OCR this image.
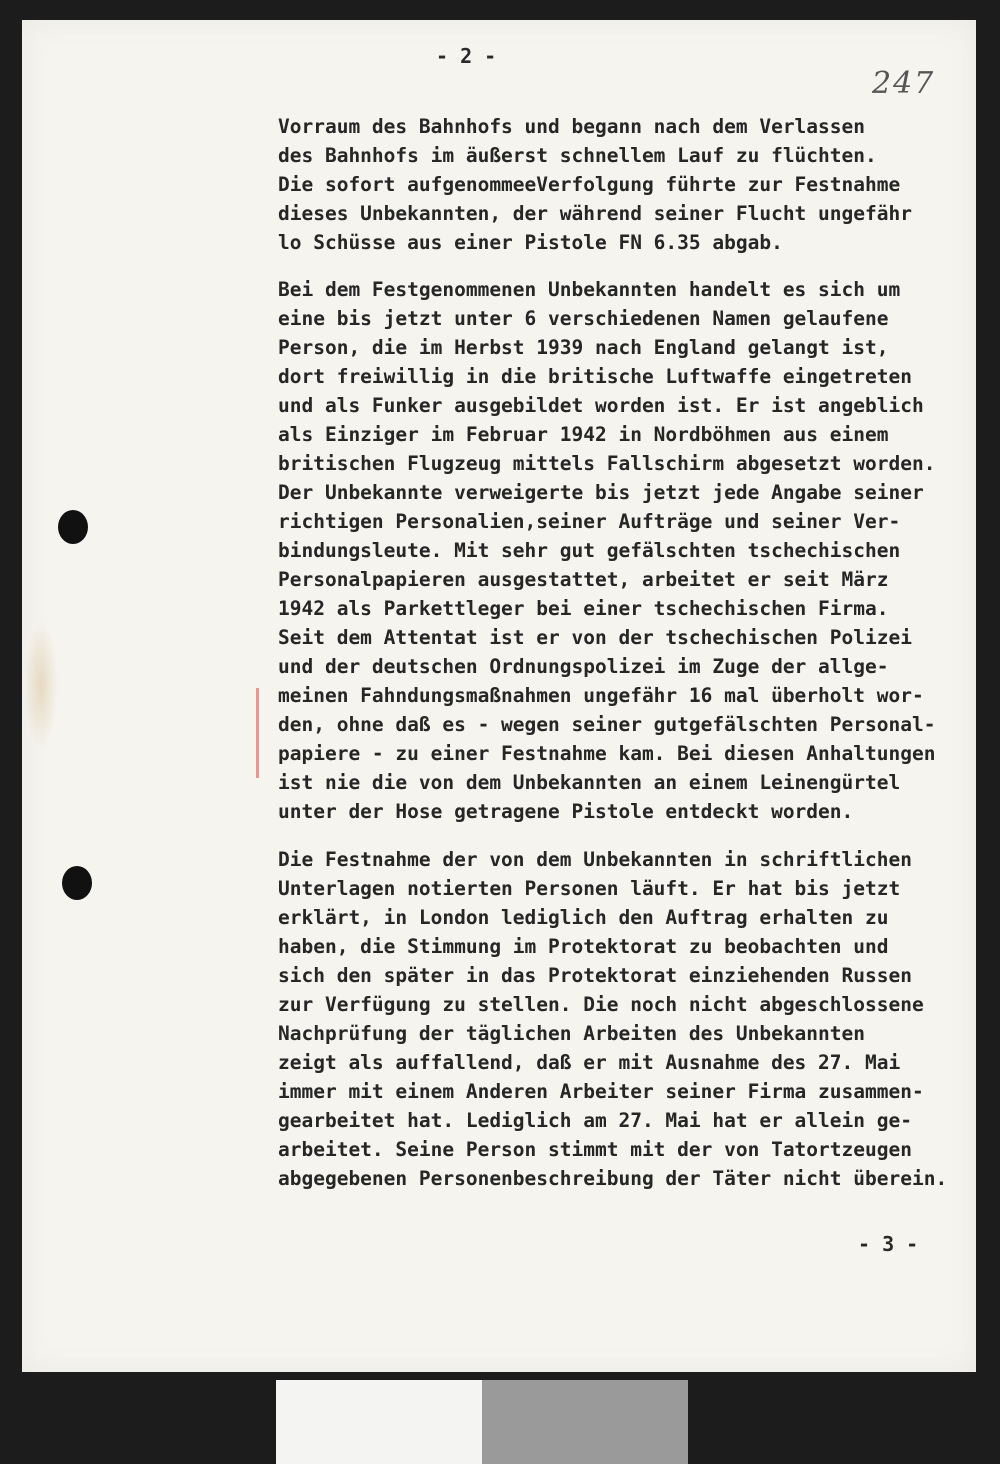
- 2 -
247
Vorraum des Bahnhofs und begann nach dem Verlassen
des Bahnhofs im äußerst schnellem Lauf zu flüchten.
Die sofort aufgenommeeVerfolgung führte zur Festnahme
dieses Unbekannten, der während seiner Flucht ungefähr
lo Schüsse aus einer Pistole FN 6.35 abgab.
Bei dem Festgenommenen Unbekannten handelt es sich um
eine bis jetzt unter 6 verschiedenen Namen gelaufene
Person, die im Herbst 1939 nach England gelangt ist,
dort freiwillig in die britische Luftwaffe eingetreten
und als Funker ausgebildet worden ist. Er ist angeblich
als Einziger im Februar 1942 in Nordböhmen aus einem
britischen Flugzeug mittels Fallschirm abgesetzt worden.
Der Unbekannte verweigerte bis jetzt jede Angabe seiner
richtigen Personalien,seiner Aufträge und seiner Ver-
bindungsleute. Mit sehr gut gefälschten tschechischen
Personalpapieren ausgestattet, arbeitet er seit März
1942 als Parkettleger bei einer tschechischen Firma.
Seit dem Attentat ist er von der tschechischen Polizei
und der deutschen Ordnungspolizei im Zuge der allge-
meinen Fahndungsmaßnahmen ungefähr 16 mal überholt wor-
den, ohne daß es - wegen seiner gutgefälschten Personal-
papiere - zu einer Festnahme kam. Bei diesen Anhaltungen
ist nie die von dem Unbekannten an einem Leinengürtel
unter der Hose getragene Pistole entdeckt worden.
Die Festnahme der von dem Unbekannten in schriftlichen
Unterlagen notierten Personen läuft. Er hat bis jetzt
erklärt, in London lediglich den Auftrag erhalten zu
haben, die Stimmung im Protektorat zu beobachten und
sich den später in das Protektorat einziehenden Russen
zur Verfügung zu stellen. Die noch nicht abgeschlossene
Nachprüfung der täglichen Arbeiten des Unbekannten
zeigt als auffallend, daß er mit Ausnahme des 27. Mai
immer mit einem Anderen Arbeiter seiner Firma zusammen-
gearbeitet hat. Lediglich am 27. Mai hat er allein ge-
arbeitet. Seine Person stimmt mit der von Tatortzeugen
abgegebenen Personenbeschreibung der Täter nicht überein.
- 3 -
